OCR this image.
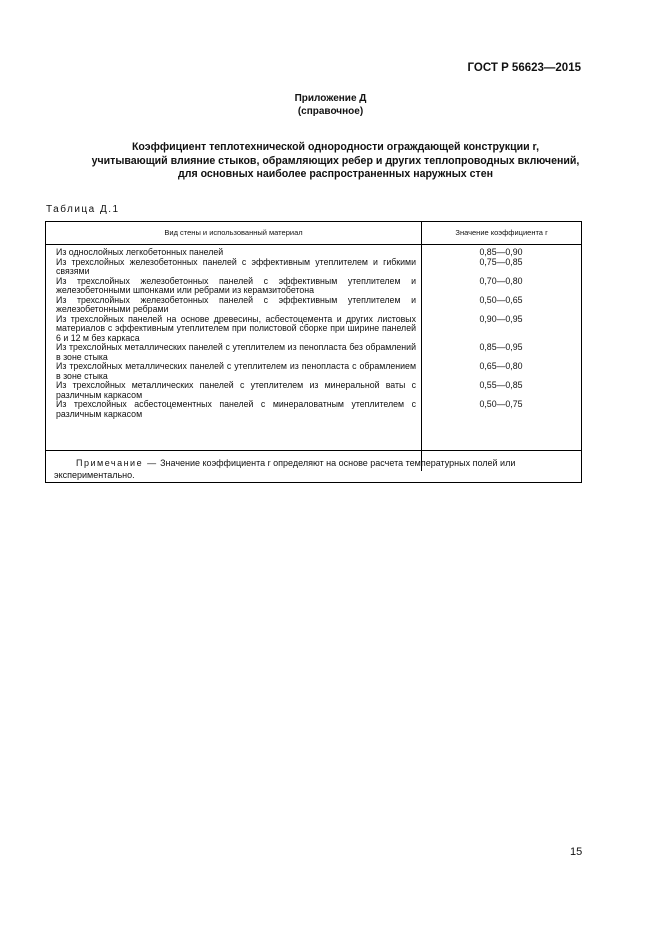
ГОСТ Р 56623—2015
Приложение Д
(справочное)
Коэффициент теплотехнической однородности ограждающей конструкции r,
учитывающий влияние стыков, обрамляющих ребер и других теплопроводных включений,
для основных наиболее распространенных наружных стен
Таблица Д.1
Вид стены и использованный материал	Значение коэффициента r
Из однослойных легкобетонных панелей	0,85—0,90
Из трехслойных железобетонных панелей с эффективным утеплителем и гибкими связями
0,75—0,85
Из трехслойных железобетонных панелей с эффективным утеплителем и железобетонными шпонками или ребрами из керамзитобетона
0,70—0,80
Из трехслойных железобетонных панелей с эффективным утеплителем и железобетонными ребрами
0,50—0,65
Из трехслойных панелей на основе древесины, асбестоцемента и других листовых материалов с эффективным утеплителем при полистовой сборке при ширине панелей 6 и 12 м без каркаса
0,90—0,95
Из трехслойных металлических панелей с утеплителем из пенопласта без обрамлений в зоне стыка
0,85—0,95
Из трехслойных металлических панелей с утеплителем из пенопласта с обрамлением в зоне стыка
0,65—0,80
Из трехслойных металлических панелей с утеплителем из минеральной ваты с различным каркасом
0,55—0,85
Из трехслойных асбестоцементных панелей с минераловатным утеплителем с различным каркасом
0,50—0,75
Примечание — Значение коэффициента r определяют на основе расчета температурных полей или экспериментально.
15
